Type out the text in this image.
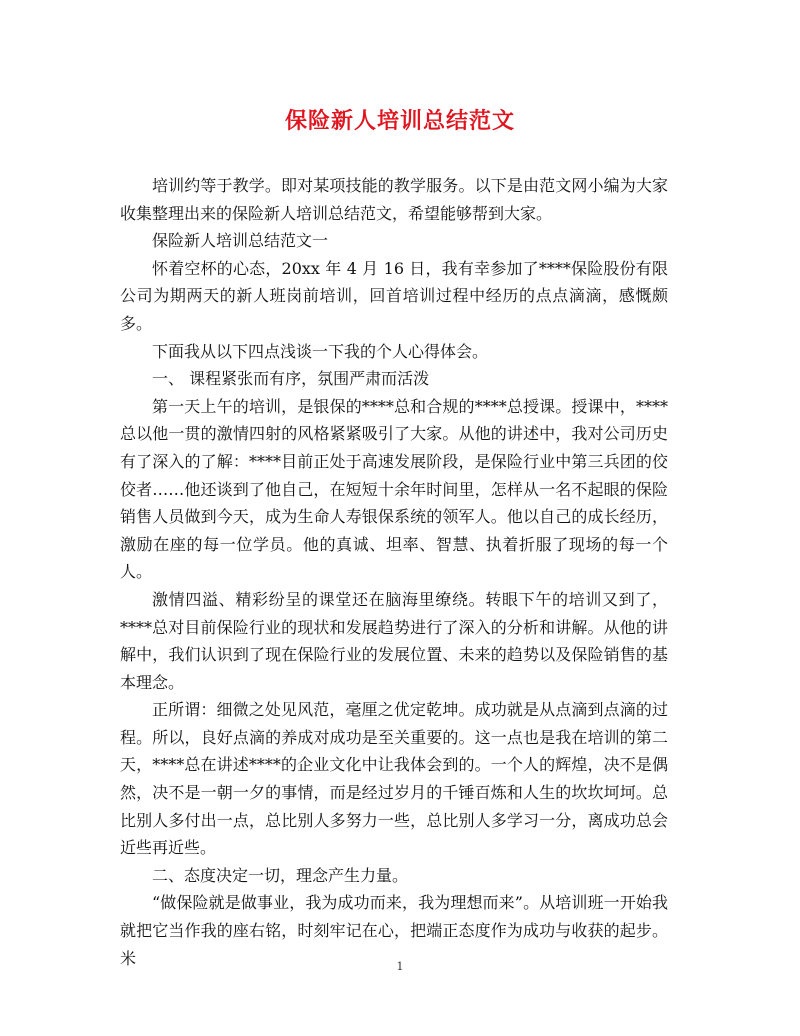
保险新人培训总结范文

培训约等于教学。即对某项技能的教学服务。以下是由范文网小编为大家收集整理出来的保险新人培训总结范文，希望能够帮到大家。

保险新人培训总结范文一

怀着空杯的心态，20xx 年 4 月 16 日，我有幸参加了****保险股份有限公司为期两天的新人班岗前培训，回首培训过程中经历的点点滴滴，感慨颇多。

下面我从以下四点浅谈一下我的个人心得体会。

一、 课程紧张而有序，氛围严肃而活泼

第一天上午的培训，是银保的****总和合规的****总授课。授课中，****总以他一贯的激情四射的风格紧紧吸引了大家。从他的讲述中，我对公司历史有了深入的了解：****目前正处于高速发展阶段，是保险行业中第三兵团的佼佼者……他还谈到了他自己，在短短十余年时间里，怎样从一名不起眼的保险销售人员做到今天，成为生命人寿银保系统的领军人。他以自己的成长经历，激励在座的每一位学员。他的真诚、坦率、智慧、执着折服了现场的每一个人。

激情四溢、精彩纷呈的课堂还在脑海里缭绕。转眼下午的培训又到了，****总对目前保险行业的现状和发展趋势进行了深入的分析和讲解。从他的讲解中，我们认识到了现在保险行业的发展位置、未来的趋势以及保险销售的基本理念。

正所谓：细微之处见风范，毫厘之优定乾坤。成功就是从点滴到点滴的过程。所以，良好点滴的养成对成功是至关重要的。这一点也是我在培训的第二天，****总在讲述****的企业文化中让我体会到的。一个人的辉煌，决不是偶然，决不是一朝一夕的事情，而是经过岁月的千锤百炼和人生的坎坎坷坷。总比别人多付出一点，总比别人多努力一些，总比别人多学习一分，离成功总会近些再近些。

二、态度决定一切，理念产生力量。

“做保险就是做事业，我为成功而来，我为理想而来”。从培训班一开始我就把它当作我的座右铭，时刻牢记在心，把端正态度作为成功与收获的起步。米	1
